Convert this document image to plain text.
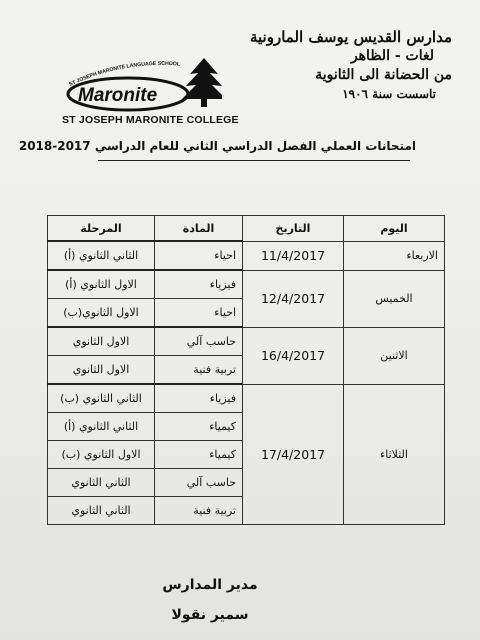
ST JOSEPH MARONITE LANGUAGE SCHOOL
Maronite
ST JOSEPH MARONITE COLLEGE
مدارس القديس يوسف المارونية
لغات - الظاهر
من الحضانة الى الثانوية
تاسست سنة ١٩٠٦
امتحانات العملي الفصل الدراسي الثاني للعام الدراسي 2017-2018
اليوم	التاريخ	المادة	المرحلة
الاربعاء	11/4/2017	احياء	الثاني الثانوي (أ)
الخميس	12/4/2017	فيزياء	الاول الثانوي (أ)
		احياء	الاول الثانوي(ب)
الاثنين	16/4/2017	حاسب آلي	الاول الثانوي
		تربية فنية	الاول الثانوي
الثلاثاء	17/4/2017	فيزياء	الثاني الثانوي (ب)
		كيمياء	الثاني الثانوي (أ)
		كيمياء	الاول الثانوي (ب)
		حاسب آلي	الثاني الثانوي
		تربية فنية	الثاني الثانوي
مدير المدارس
سمير نقولا
